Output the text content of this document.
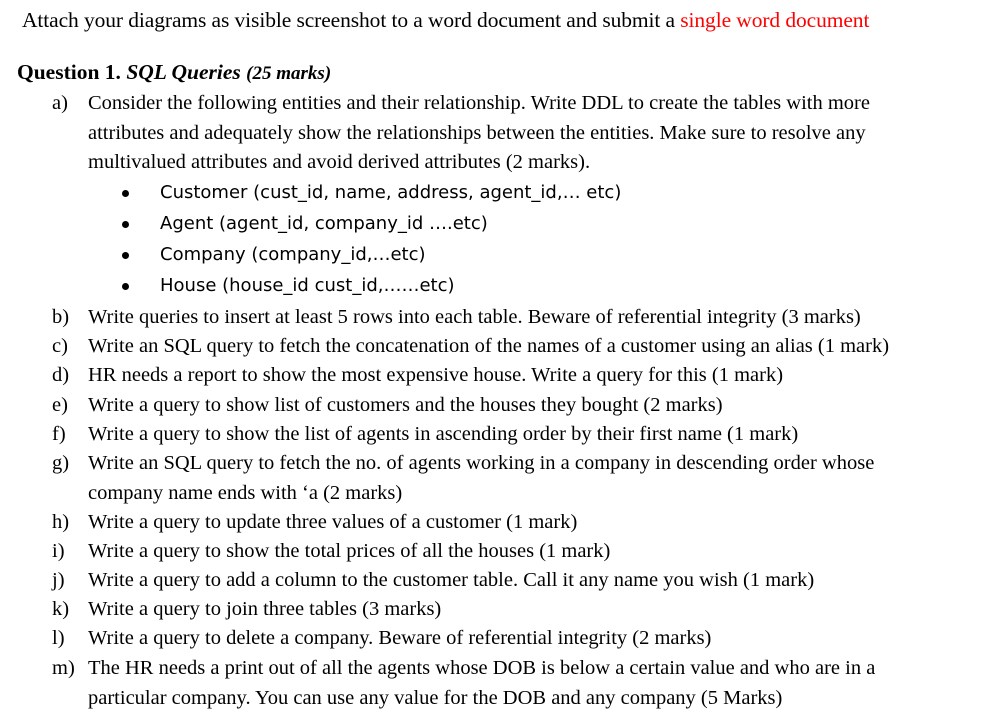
Attach your diagrams as visible screenshot to a word document and submit a single word document
Question 1. SQL Queries (25 marks)
a) Consider the following entities and their relationship. Write DDL to create the tables with more
attributes and adequately show the relationships between the entities. Make sure to resolve any
multivalued attributes and avoid derived attributes (2 marks).
Customer (cust_id, name, address, agent_id,… etc)
Agent (agent_id, company_id ….etc)
Company (company_id,…etc)
House (house_id cust_id,……etc)
b) Write queries to insert at least 5 rows into each table. Beware of referential integrity (3 marks)
c) Write an SQL query to fetch the concatenation of the names of a customer using an alias (1 mark)
d) HR needs a report to show the most expensive house. Write a query for this (1 mark)
e) Write a query to show list of customers and the houses they bought (2 marks)
f) Write a query to show the list of agents in ascending order by their first name (1 mark)
g) Write an SQL query to fetch the no. of agents working in a company in descending order whose
company name ends with ‘a (2 marks)
h) Write a query to update three values of a customer (1 mark)
i) Write a query to show the total prices of all the houses (1 mark)
j) Write a query to add a column to the customer table. Call it any name you wish (1 mark)
k) Write a query to join three tables (3 marks)
l) Write a query to delete a company. Beware of referential integrity (2 marks)
m) The HR needs a print out of all the agents whose DOB is below a certain value and who are in a
particular company. You can use any value for the DOB and any company (5 Marks)
